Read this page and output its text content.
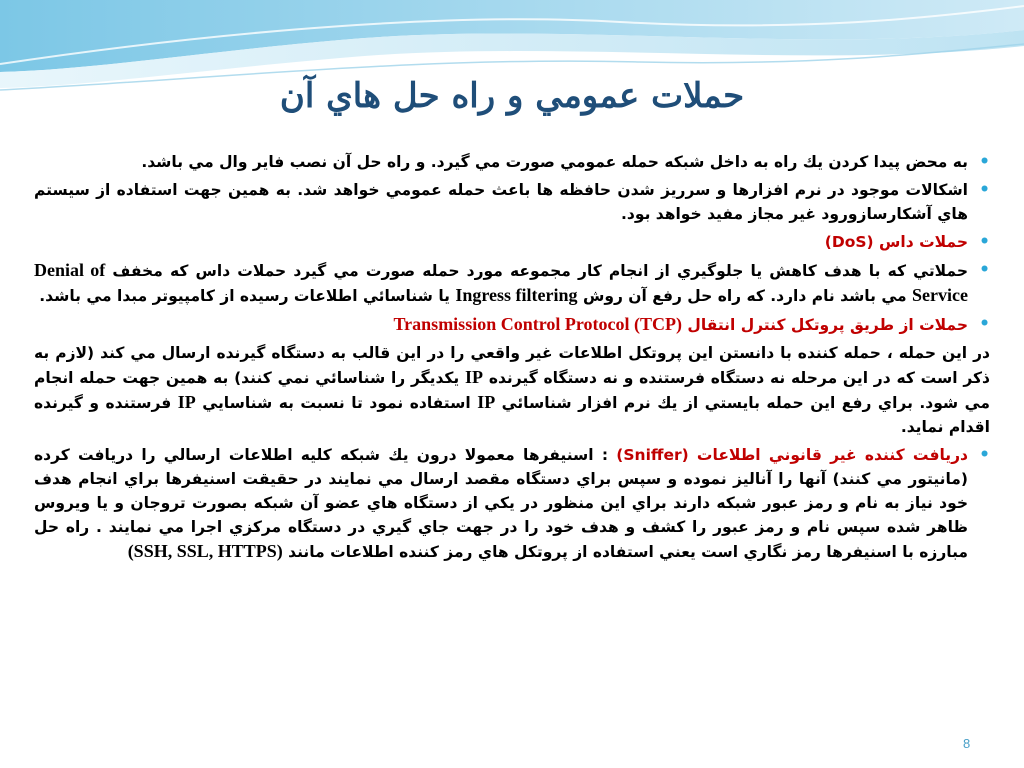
حملات عمومي و راه حل هاي آن

• به محض پيدا كردن يك راه به داخل شبكه حمله عمومي صورت مي گيرد. و راه حل آن نصب فاير وال مي باشد.

• اشكالات موجود در نرم افزارها و سرريز شدن حافظه ها باعث حمله عمومي خواهد شد. به همين جهت استفاده از سيستم هاي آشكارسازورود غير مجاز مفيد خواهد بود.

• حملات داس (DoS)

• حملاتي كه با هدف كاهش يا جلوگيري از انجام كار مجموعه مورد حمله صورت مي گيرد حملات داس كه مخفف Denial of Service مي باشد نام دارد. كه راه حل رفع آن روش Ingress filtering يا شناسائي اطلاعات رسيده از كامپيوتر مبدا مي باشد.

• حملات از طريق پروتكل كنترل انتقال Transmission Control Protocol (TCP)

در اين حمله ، حمله كننده با دانستن اين پروتكل اطلاعات غير واقعي را در اين قالب به دستگاه گيرنده ارسال مي كند (لازم به ذكر است كه در اين مرحله نه دستگاه فرستنده و نه دستگاه گيرنده IP يكديگر را شناسائي نمي كنند) به همين جهت حمله انجام مي شود. براي رفع اين حمله بايستي از يك نرم افزار شناسائي IP استفاده نمود تا نسبت به شناسايي IP فرستنده و گيرنده اقدام نمايد.

• دريافت كننده غير قانوني اطلاعات (Sniffer) : اسنيفرها معمولا درون يك شبكه كليه اطلاعات ارسالي را دريافت كرده (مانيتور مي كنند) آنها را آناليز نموده و سپس براي دستگاه مقصد ارسال مي نمايند در حقيقت اسنيفرها براي انجام هدف خود نياز به نام و رمز عبور شبكه دارند براي اين منظور در يكي از دستگاه هاي عضو آن شبكه بصورت تروجان و يا ويروس ظاهر شده سپس نام و رمز عبور را كشف و هدف خود را در جهت جاي گيري در دستگاه مركزي اجرا مي نمايند . راه حل مبارزه با اسنيفرها رمز نگاري است يعني استفاده از پروتكل هاي رمز كننده اطلاعات مانند (SSH, SSL, HTTPS)

8
